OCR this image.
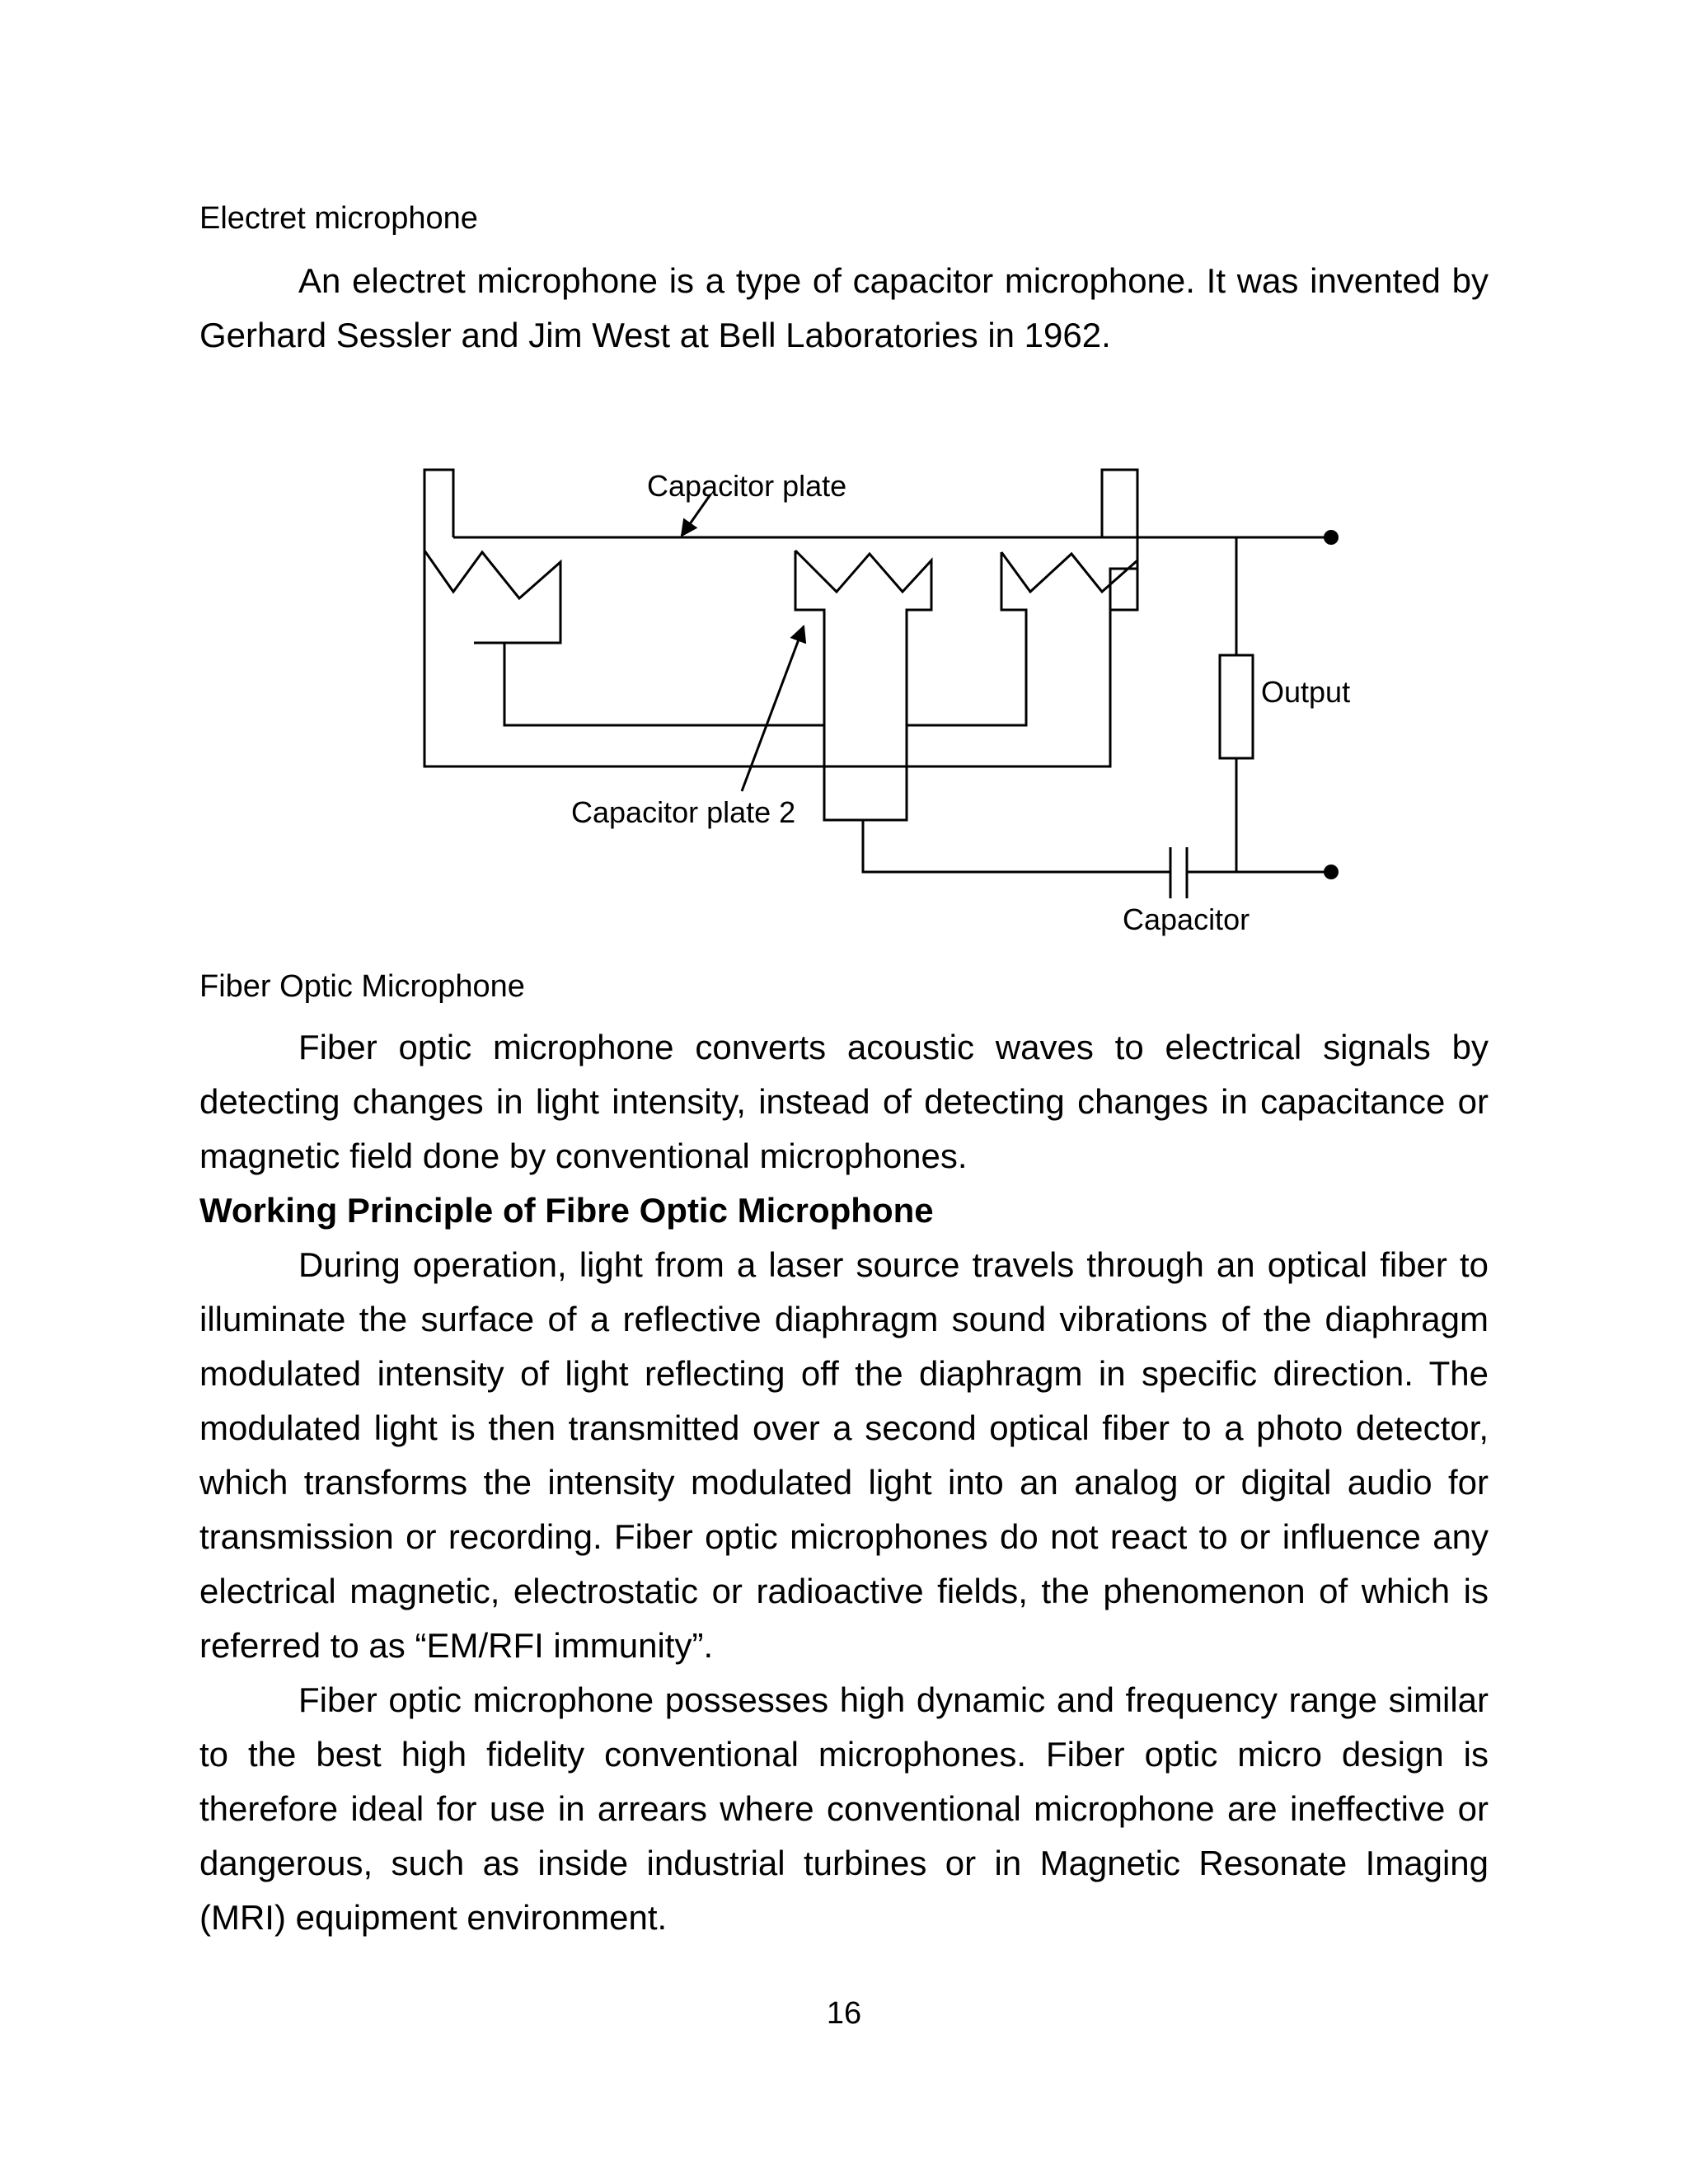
Electret microphone

An electret microphone is a type of capacitor microphone. It was invented by Gerhard Sessler and Jim West at Bell Laboratories in 1962.

Capacitor plate
Output
Capacitor plate 2
Capacitor

Fiber Optic Microphone

Fiber optic microphone converts acoustic waves to electrical signals by detecting changes in light intensity, instead of detecting changes in capacitance or magnetic field done by conventional microphones.

Working Principle of Fibre Optic Microphone

During operation, light from a laser source travels through an optical fiber to illuminate the surface of a reflective diaphragm sound vibrations of the diaphragm modulated intensity of light reflecting off the diaphragm in specific direction. The modulated light is then transmitted over a second optical fiber to a photo detector, which transforms the intensity modulated light into an analog or digital audio for transmission or recording. Fiber optic microphones do not react to or influence any electrical magnetic, electrostatic or radioactive fields, the phenomenon of which is referred to as “EM/RFI immunity”.

Fiber optic microphone possesses high dynamic and frequency range similar to the best high fidelity conventional microphones. Fiber optic micro design is therefore ideal for use in arrears where conventional microphone are ineffective or dangerous, such as inside industrial turbines or in Magnetic Resonate Imaging (MRI) equipment environment.

16
